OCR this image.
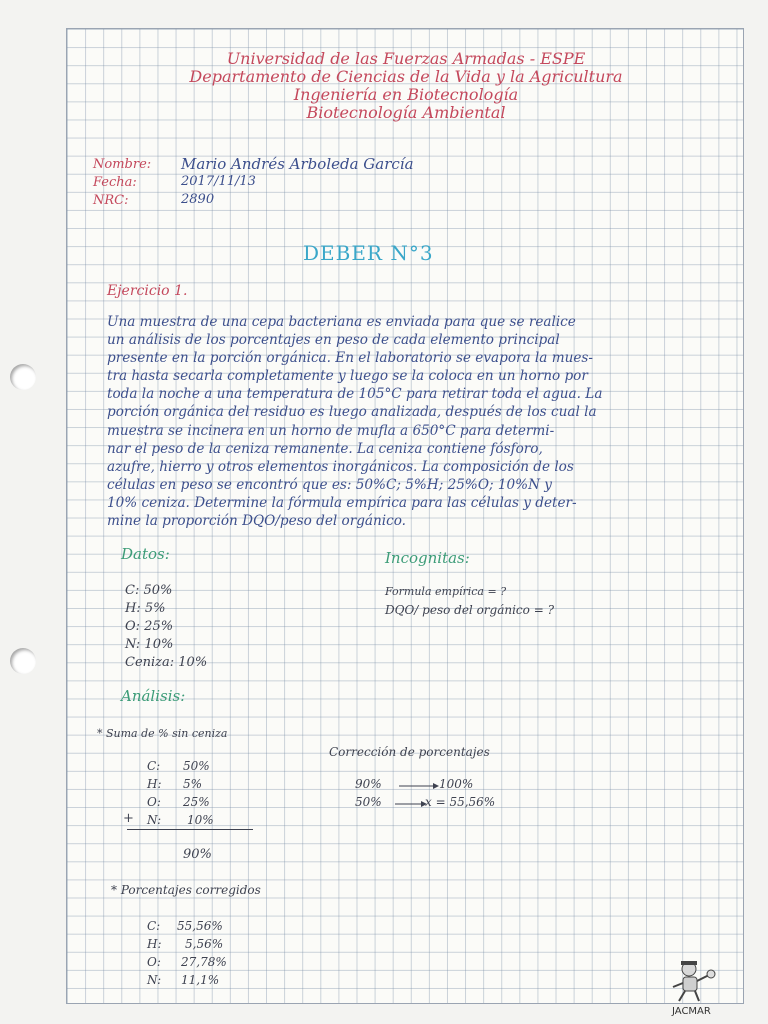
Universidad de las Fuerzas Armadas - ESPE
Departamento de Ciencias de la Vida y la Agricultura
Ingeniería en Biotecnología
Biotecnología Ambiental
Nombre: Mario Andrés Arboleda García
Fecha:	2017/11/13
NRC:	2890
DEBER N°3
Ejercicio 1.
Una muestra de una cepa bacteriana es enviada para que se realice
un análisis de los porcentajes en peso de cada elemento principal
presente en la porción orgánica. En el laboratorio se evapora la mues-
tra hasta secarla completamente y luego se la coloca en un horno por
toda la noche a una temperatura de 105°C para retirar toda el agua. La
porción orgánica del residuo es luego analizada, después de los cual la
muestra se incinera en un horno de mufla a 650°C para determi-
nar el peso de la ceniza remanente. La ceniza contiene fósforo,
azufre, hierro y otros elementos inorgánicos. La composición de los
células en peso se encontró que es: 50%C; 5%H; 25%O; 10%N y
10% ceniza. Determine la fórmula empírica para las células y deter-
mine la proporción DQO/peso del orgánico.
Datos:	Incognitas:
C: 50%
H: 5%
O: 25%
N: 10%
Ceniza: 10%
Formula empírica = ?
DQO/ peso del orgánico = ?
Análisis:
* Suma de % sin ceniza
C: 50%
H: 5%
O: 25%
+ N: 10%
90%
Corrección de porcentajes
90%	100%
50%	x = 55,56%
* Porcentajes corregidos
C: 55,56%
H: 5,56%
O: 27,78%
N: 11,1%
JACMAR
